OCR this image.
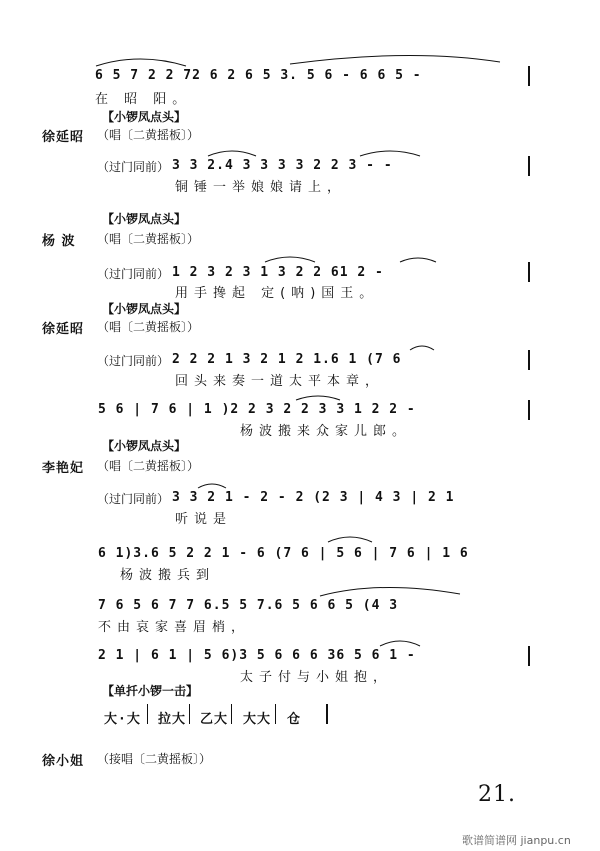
6 5 7 2 2 72 6 2 6 5 3. 5 6 - 6 6 5 -
在 昭 阳。
【小锣凤点头】
徐延昭 （唱〔二黄摇板〕）
（过门同前） 3 3 2.4 3 3 3 3 2 2 3 - -
铜锤一举娘娘请上，
【小锣凤点头】
杨 波 （唱〔二黄摇板〕）
（过门同前） 1 2 3 2 3 1 3 2 2 61 2 -
用手搀起 定(呐)国王。
【小锣凤点头】
徐延昭 （唱〔二黄摇板〕）
（过门同前） 2 2 2 1 3 2 1 2 1.6 1 (7 6
回头来奏一道太平本章，
5 6 | 7 6 | 1 )2 2 3 2 2 3 3 1 2 2 -
杨波搬来众家儿郎。
【小锣凤点头】
李艳妃 （唱〔二黄摇板〕）
（过门同前） 3 3 2 1 - 2 - 2 (2 3 | 4 3 | 2 1
听说是
6 1)3.6 5 2 2 1 - 6 (7 6 | 5 6 | 7 6 | 1 6
杨波搬兵到
7 6 5 6 7 7 6.5 5 7.6 5 6 6 5 (4 3
不由哀家喜眉梢，
2 1 | 6 1 | 5 6)3 5 6 6 6 36 5 6 1 -
太子付与小姐抱，
【单扦小锣一击】
大·大 拉大 乙大 大大 仓
徐小姐 （接唱〔二黄摇板〕）
21.
歌谱简谱网 jianpu.cn
